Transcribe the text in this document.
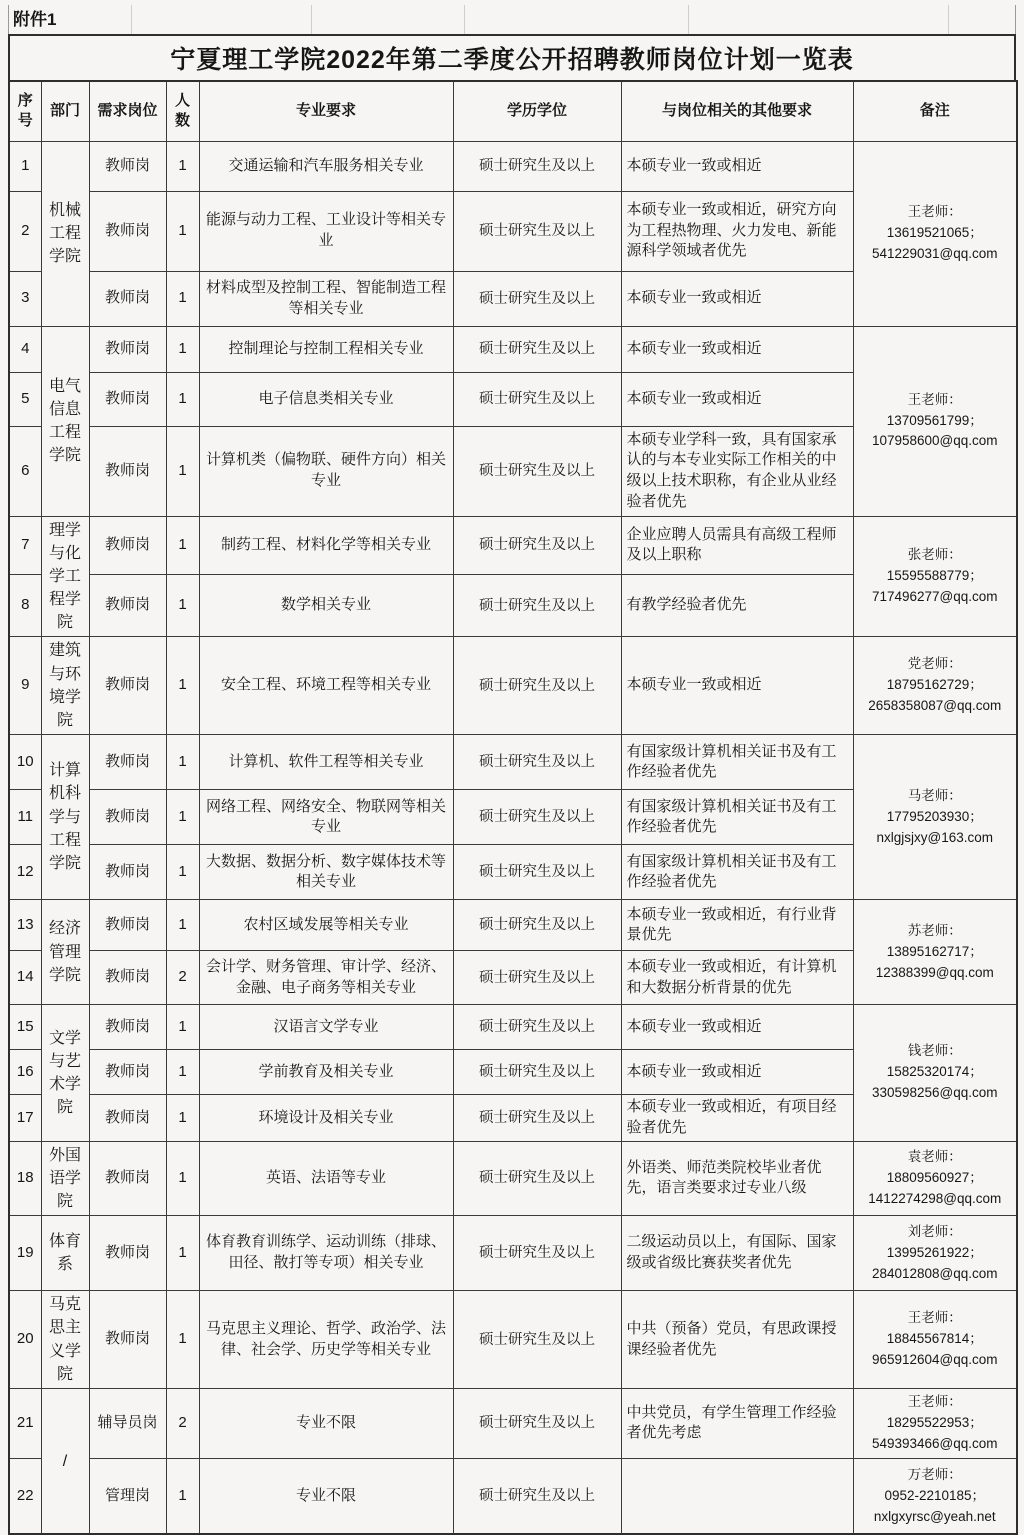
附件1
宁夏理工学院2022年第二季度公开招聘教师岗位计划一览表
序号	部门	需求岗位	人数	专业要求	学历学位	与岗位相关的其他要求	备注
1	机械工程学院	教师岗	1	交通运输和汽车服务相关专业	硕士研究生及以上	本硕专业一致或相近	王老师：
13619521065；
541229031@qq.com

2		教师岗	1	能源与动力工程、工业设计等相关专业	硕士研究生及以上	本硕专业一致或相近，研究方向为工程热物理、火力发电、新能源科学领域者优先	
3		教师岗	1	材料成型及控制工程、智能制造工程等相关专业	硕士研究生及以上	本硕专业一致或相近	
4	电气信息工程学院	教师岗	1	控制理论与控制工程相关专业	硕士研究生及以上	本硕专业一致或相近	王老师：
13709561799；
107958600@qq.com

5		教师岗	1	电子信息类相关专业	硕士研究生及以上	本硕专业一致或相近	
6		教师岗	1	计算机类（偏物联、硬件方向）相关专业	硕士研究生及以上	本硕专业学科一致，具有国家承认的与本专业实际工作相关的中级以上技术职称，有企业从业经验者优先	
7	理学与化学工程学院	教师岗	1	制药工程、材料化学等相关专业	硕士研究生及以上	企业应聘人员需具有高级工程师及以上职称	张老师：
15595588779；
717496277@qq.com

8		教师岗	1	数学相关专业	硕士研究生及以上	有教学经验者优先	
9	建筑与环境学院	教师岗	1	安全工程、环境工程等相关专业	硕士研究生及以上	本硕专业一致或相近	党老师：
18795162729；
2658358087@qq.com

10	计算机科学与工程学院	教师岗	1	计算机、软件工程等相关专业	硕士研究生及以上	有国家级计算机相关证书及有工作经验者优先	马老师：
17795203930；
nxlgjsjxy@163.com

11		教师岗	1	网络工程、网络安全、物联网等相关专业	硕士研究生及以上	有国家级计算机相关证书及有工作经验者优先	
12		教师岗	1	大数据、数据分析、数字媒体技术等相关专业	硕士研究生及以上	有国家级计算机相关证书及有工作经验者优先	
13	经济管理学院	教师岗	1	农村区域发展等相关专业	硕士研究生及以上	本硕专业一致或相近，有行业背景优先	苏老师：
13895162717；
12388399@qq.com

14		教师岗	2	会计学、财务管理、审计学、经济、金融、电子商务等相关专业	硕士研究生及以上	本硕专业一致或相近，有计算机和大数据分析背景的优先	
15	文学与艺术学院	教师岗	1	汉语言文学专业	硕士研究生及以上	本硕专业一致或相近	钱老师：
15825320174；
330598256@qq.com

16		教师岗	1	学前教育及相关专业	硕士研究生及以上	本硕专业一致或相近	
17		教师岗	1	环境设计及相关专业	硕士研究生及以上	本硕专业一致或相近，有项目经验者优先	
18	外国语学院	教师岗	1	英语、法语等专业	硕士研究生及以上	外语类、师范类院校毕业者优先，语言类要求过专业八级	袁老师：
18809560927；
1412274298@qq.com

19	体育系	教师岗	1	体育教育训练学、运动训练（排球、田径、散打等专项）相关专业	硕士研究生及以上	二级运动员以上，有国际、国家级或省级比赛获奖者优先	刘老师：
13995261922；
284012808@qq.com

20	马克思主义学院	教师岗	1	马克思主义理论、哲学、政治学、法律、社会学、历史学等相关专业	硕士研究生及以上	中共（预备）党员，有思政课授课经验者优先	王老师：
18845567814；
965912604@qq.com

21	/	辅导员岗	2	专业不限	硕士研究生及以上	中共党员，有学生管理工作经验者优先考虑	王老师：
18295522953；
549393466@qq.com

22		管理岗	1	专业不限	硕士研究生及以上		万老师：
0952-2210185；
nxlgxyrsc@yeah.net
